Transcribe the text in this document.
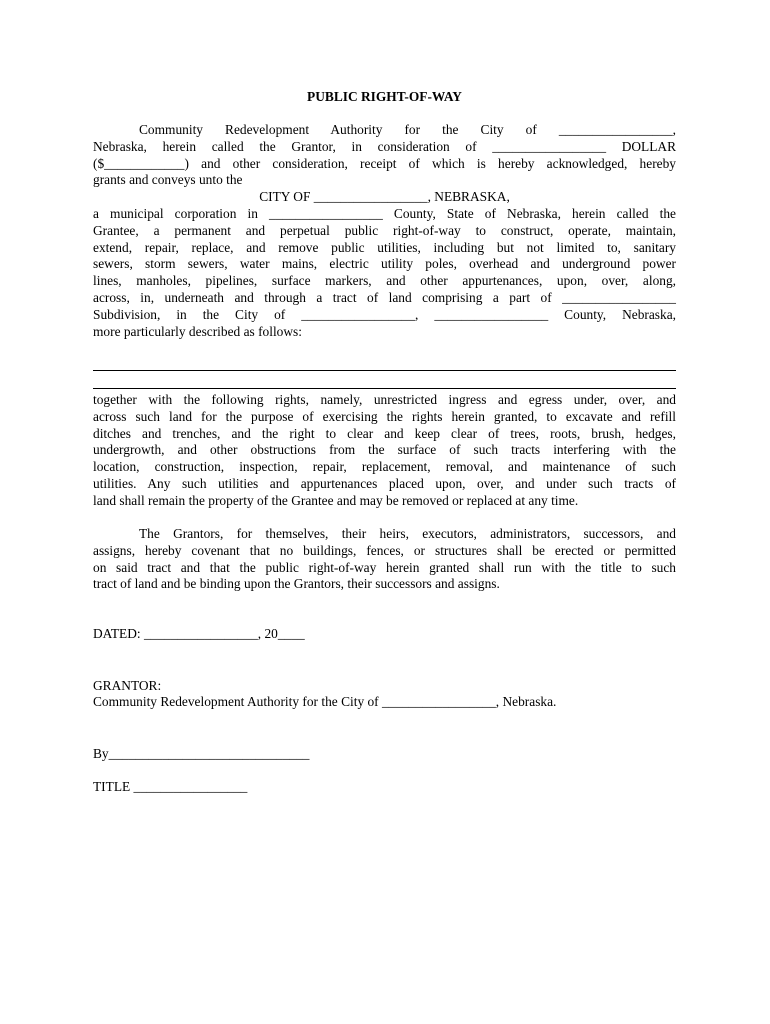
PUBLIC RIGHT-OF-WAY
Community Redevelopment Authority for the City of _________________,
Nebraska, herein called the Grantor, in consideration of _________________ DOLLAR
($____________) and other consideration, receipt of which is hereby acknowledged, hereby
grants and conveys unto the
CITY OF _________________, NEBRASKA,
a municipal corporation in _________________ County, State of Nebraska, herein called the
Grantee, a permanent and perpetual public right-of-way to construct, operate, maintain,
extend, repair, replace, and remove public utilities, including but not limited to, sanitary
sewers, storm sewers, water mains, electric utility poles, overhead and underground power
lines, manholes, pipelines, surface markers, and other appurtenances, upon, over, along,
across, in, underneath and through a tract of land comprising a part of _________________
Subdivision, in the City of _________________, _________________ County, Nebraska,
more particularly described as follows:
together with the following rights, namely, unrestricted ingress and egress under, over, and
across such land for the purpose of exercising the rights herein granted, to excavate and refill
ditches and trenches, and the right to clear and keep clear of trees, roots, brush, hedges,
undergrowth, and other obstructions from the surface of such tracts interfering with the
location, construction, inspection, repair, replacement, removal, and maintenance of such
utilities. Any such utilities and appurtenances placed upon, over, and under such tracts of
land shall remain the property of the Grantee and may be removed or replaced at any time.
The Grantors, for themselves, their heirs, executors, administrators, successors, and
assigns, hereby covenant that no buildings, fences, or structures shall be erected or permitted
on said tract and that the public right-of-way herein granted shall run with the title to such
tract of land and be binding upon the Grantors, their successors and assigns.
DATED: _________________, 20____
GRANTOR:
Community Redevelopment Authority for the City of _________________, Nebraska.
By______________________________
TITLE _________________
